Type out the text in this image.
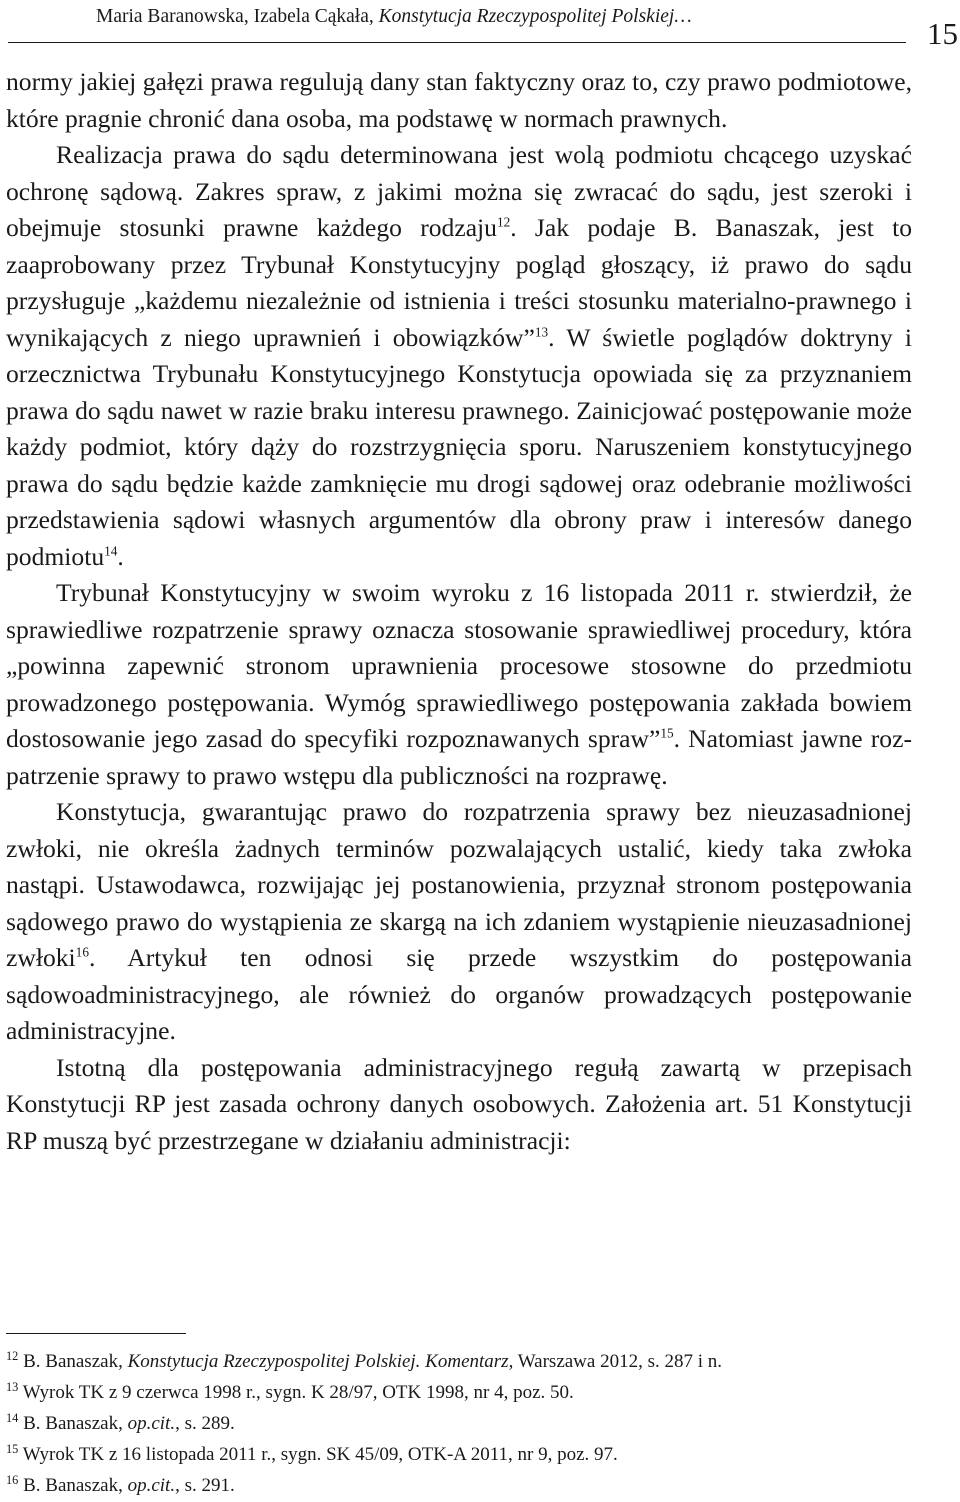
Maria Baranowska, Izabela Cąkała, Konstytucja Rzeczypospolitej Polskiej…	15

normy jakiej gałęzi prawa regulują dany stan faktyczny oraz to, czy prawo podmiotowe, które pragnie chronić dana osoba, ma podstawę w normach prawnych.

Realizacja prawa do sądu determinowana jest wolą podmiotu chcącego uzyskać ochronę sądową. Zakres spraw, z jakimi można się zwracać do sądu, jest szeroki i obejmuje stosunki prawne każdego rodzaju$^{12}$. Jak podaje B. Banaszak, jest to zaaprobowany przez Trybunał Konstytucyjny pogląd głoszący, iż prawo do sądu przysługuje „każdemu niezależnie od istnienia i treści stosunku materialno-prawnego i wynikających z niego uprawnień i obowiązków”$^{13}$. W świetle poglądów doktryny i orzecznictwa Trybunału Konstytucyjnego Konstytucja opowiada się za przyznaniem prawa do sądu nawet w razie braku interesu prawnego. Zainicjować postępowanie może każdy podmiot, który dąży do rozstrzygnięcia sporu. Naruszeniem konstytucyjnego prawa do sądu będzie każde zamknięcie mu drogi sądowej oraz odebranie możliwości przedstawienia sądowi własnych argumentów dla obrony praw i interesów danego podmiotu$^{14}$.

Trybunał Konstytucyjny w swoim wyroku z 16 listopada 2011 r. stwierdził, że sprawiedliwe rozpatrzenie sprawy oznacza stosowanie sprawiedliwej procedury, która „powinna zapewnić stronom uprawnienia procesowe stosowne do przedmiotu prowadzonego postępowania. Wymóg sprawiedliwego postępowania zakłada bowiem dostosowanie jego zasad do specyfiki rozpoznawanych spraw”$^{15}$. Natomiast jawne rozpatrzenie sprawy to prawo wstępu dla publiczności na rozprawę.

Konstytucja, gwarantując prawo do rozpatrzenia sprawy bez nieuzasadnionej zwłoki, nie określa żadnych terminów pozwalających ustalić, kiedy taka zwłoka nastąpi. Ustawodawca, rozwijając jej postanowienia, przyznał stronom postępowania sądowego prawo do wystąpienia ze skargą na ich zdaniem wystąpienie nieuzasadnionej zwłoki$^{16}$. Artykuł ten odnosi się przede wszystkim do postępowania sądowoadministracyjnego, ale również do organów prowadzących postępowanie administracyjne.

Istotną dla postępowania administracyjnego regułą zawartą w przepisach Konstytucji RP jest zasada ochrony danych osobowych. Założenia art. 51 Konstytucji RP muszą być przestrzegane w działaniu administracji:

$^{12}$ B. Banaszak, Konstytucja Rzeczypospolitej Polskiej. Komentarz, Warszawa 2012, s. 287 i n.
$^{13}$ Wyrok TK z 9 czerwca 1998 r., sygn. K 28/97, OTK 1998, nr 4, poz. 50.
$^{14}$ B. Banaszak, op.cit., s. 289.
$^{15}$ Wyrok TK z 16 listopada 2011 r., sygn. SK 45/09, OTK-A 2011, nr 9, poz. 97.
$^{16}$ B. Banaszak, op.cit., s. 291.
